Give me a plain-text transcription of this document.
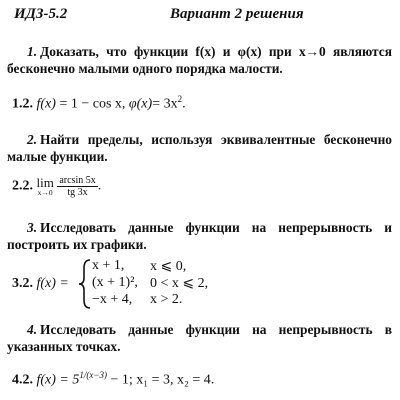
ИДЗ-5.2	Вариант 2 решения

1. Доказать, что функции f(x) и φ(x) при x→0 являются бесконечно малыми одного порядка малости.

1.2. f(x) = 1 − cos x, $\varphi(x)= 3x^2$.

2. Найти пределы, используя эквивалентные бесконечно малые функции.

2.2. lim
x→0
$\frac{\arcsin 5x}{tg 3x}$ .

3. Исследовать данные функции на непрерывность и построить их графики.

3.2. f(x) =
x + 1, x ⩽ 0,
(x + 1)², 0 < x ⩽ 2,
−x + 4, x > 2.

4. Исследовать данные функции на непрерывность в указанных точках.

4.2. $f(x) = 5^{1/(x-3)} - 1$; x₁ = 3, x₂ = 4.
